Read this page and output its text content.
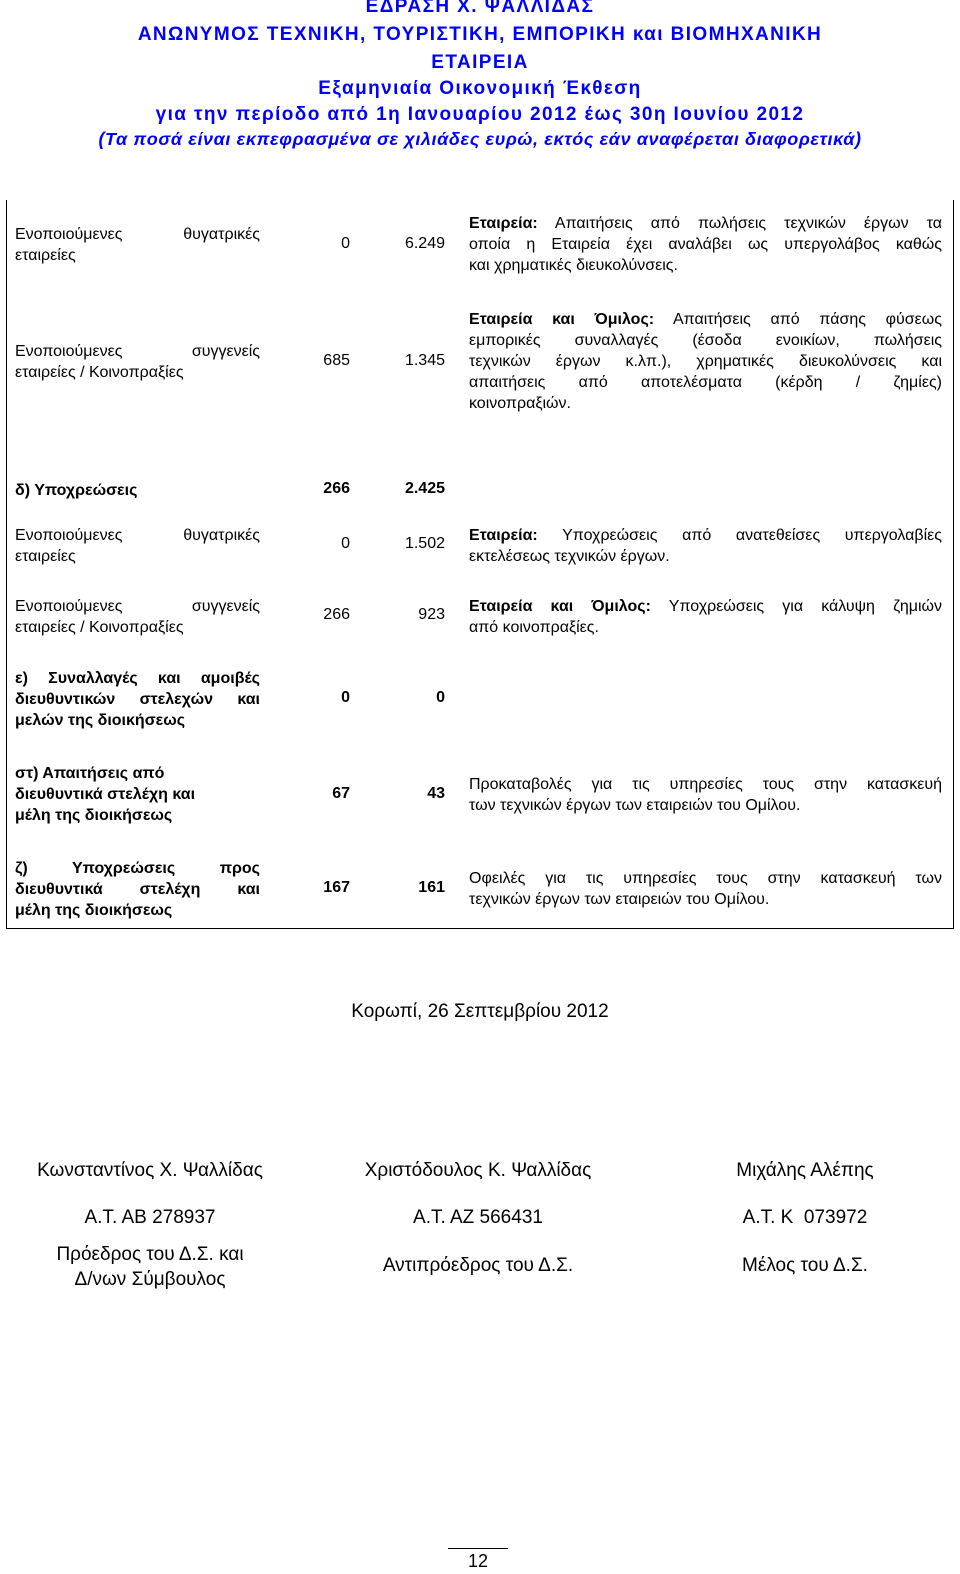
ΕΔΡΑΣΗ Χ. ΨΑΛΛΙΔΑΣ
ΑΝΩΝΥΜΟΣ ΤΕΧΝΙΚΗ, ΤΟΥΡΙΣΤΙΚΗ, ΕΜΠΟΡΙΚΗ και ΒΙΟΜΗΧΑΝΙΚΗ
ΕΤΑΙΡΕΙΑ
Εξαμηνιαία Οικονομική Έκθεση
για την περίοδο από 1η Ιανουαρίου 2012 έως 30η Ιουνίου 2012
(Τα ποσά είναι εκπεφρασμένα σε χιλιάδες ευρώ, εκτός εάν αναφέρεται διαφορετικά)
Ενοποιούμενες θυγατρικές
εταιρείες
0	6.249
Εταιρεία: Απαιτήσεις από πωλήσεις τεχνικών έργων τα
οποία η Εταιρεία έχει αναλάβει ως υπεργολάβος καθώς
και χρηματικές διευκολύνσεις.
Ενοποιούμενες συγγενείς
εταιρείες / Κοινοπραξίες
685	1.345
Εταιρεία και Όμιλος: Απαιτήσεις από πάσης φύσεως
εμπορικές συναλλαγές (έσοδα ενοικίων, πωλήσεις
τεχνικών έργων κ.λπ.), χρηματικές διευκολύνσεις και
απαιτήσεις από αποτελέσματα (κέρδη / ζημίες)
κοινοπραξιών.
δ) Υποχρεώσεις	266	2.425
Ενοποιούμενες θυγατρικές
εταιρείες
0	1.502 Εταιρεία: Υποχρεώσεις από ανατεθείσες υπεργολαβίες
εκτελέσεως τεχνικών έργων.
Ενοποιούμενες συγγενείς
εταιρείες / Κοινοπραξίες
266	923 Εταιρεία και Όμιλος: Υποχρεώσεις για κάλυψη ζημιών
από κοινοπραξίες.
ε) Συναλλαγές και αμοιβές
διευθυντικών στελεχών και
μελών της διοικήσεως
0	0
στ) Απαιτήσεις από
διευθυντικά στελέχη και
μέλη της διοικήσεως
67	43
Προκαταβολές για τις υπηρεσίες τους στην κατασκευή
των τεχνικών έργων των εταιρειών του Ομίλου.
ζ) Υποχρεώσεις προς
διευθυντικά στελέχη και
μέλη της διοικήσεως
167	161
Οφειλές για τις υπηρεσίες τους στην κατασκευή των
τεχνικών έργων των εταιρειών του Ομίλου.
Κορωπί, 26 Σεπτεμβρίου 2012
Κωνσταντίνος Χ. Ψαλλίδας	Χριστόδουλος Κ. Ψαλλίδας	Μιχάλης Αλέπης
Α.Τ. ΑΒ 278937	Α.Τ. ΑΖ 566431	Α.Τ. Κ  073972
Πρόεδρος του Δ.Σ. και
Δ/νων Σύμβουλος
Αντιπρόεδρος του Δ.Σ.	Μέλος του Δ.Σ.
12
